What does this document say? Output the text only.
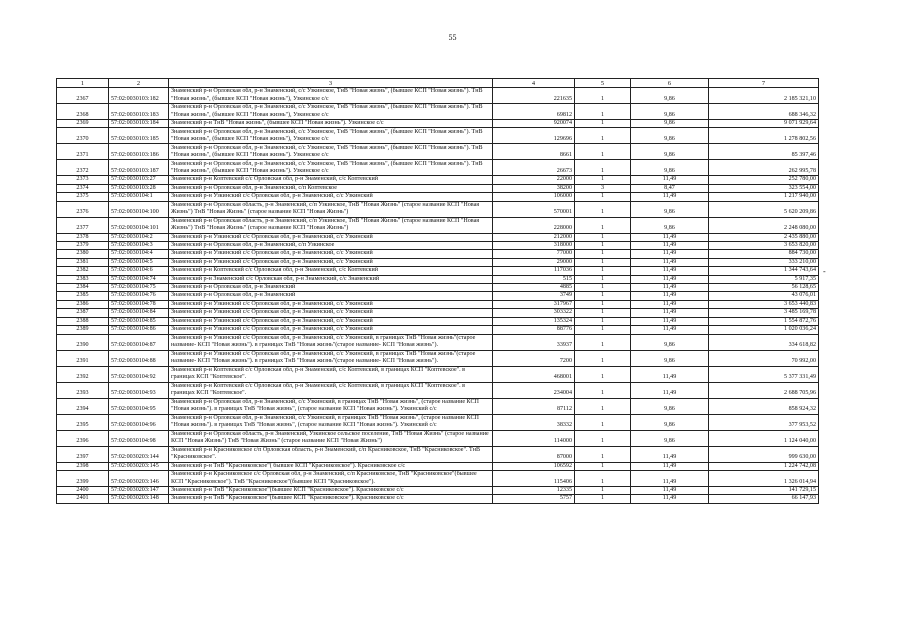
55
-
1	2	3	4	5	6	7
2367	57:02:0030103:182	Знаменский р-н Орловская обл, р-н Знаменский, с/с Узкинское, ТнВ "Новая жизнь", (бывшее КСП "Новая жизнь"). ТнВ "Новая жизнь", (бывшее КСП "Новая жизнь"), Узкинское с/с	221635	1	9,86	2 185 321,10
2368	57:02:0030103:183	Знаменский р-н Орловская обл, р-н Знаменский, с/с Узкинское, ТнВ "Новая жизнь", (бывшее КСП "Новая жизнь"). ТнВ "Новая жизнь", (бывшее КСП "Новая жизнь"), Узкинское с/с	69812	1	9,86	688 346,32
2369	57:02:0030103:184	Знаменский р-н ТнВ "Новая жизнь", (бывшее КСП "Новая жизнь"). Узкинское с/с	920074	1	9,86	9 071 929,64
2370	57:02:0030103:185	Знаменский р-н Орловская обл, р-н Знаменский, с/с Узкинское, ТнВ "Новая жизнь", (бывшее КСП "Новая жизнь"). ТнВ "Новая жизнь", (бывшее КСП "Новая жизнь"), Узкинское с/с	129696	1	9,86	1 278 802,56
2371	57:02:0030103:186	Знаменский р-н Орловская обл, р-н Знаменский, с/с Узкинское, ТнВ "Новая жизнь", (бывшее КСП "Новая жизнь"). ТнВ "Новая жизнь", (бывшее КСП "Новая жизнь"). Узкинское с/с	8661	1	9,86	85 397,46
2372	57:02:0030103:187	Знаменский р-н Орловская обл, р-н Знаменский, с/с Узкинское, ТнВ "Новая жизнь", (бывшее КСП "Новая жизнь"). ТнВ "Новая жизнь", (бывшее КСП "Новая жизнь"). Узкинское с/с	26673	1	9,86	262 995,78
2373	57:02:0030103:27	Знаменский р-н Коптевский с/с Орловская обл, р-н Знаменский, с/с Коптевский	22000	1	11,49	252 780,00
2374	57:02:0030103:28	Знаменский р-н Орловская обл, р-н Знаменский, с/п Коптевское	38200	3	8,47	323 554,00
2375	57:02:0030104:1	Знаменский р-н Узкинский с/с Орловская обл, р-н Знаменский, с/с Узкинский	106000	1	11,49	1 217 940,00
2376	57:02:0030104:100	Знаменский р-н Орловская область, р-н Знаменский, с/п Узкинское, ТнВ "Новая Жизнь" (старое название КСП "Новая Жизнь") ТнВ "Новая Жизнь" (старое название КСП "Новая Жизнь")	570001	1	9,86	5 620 209,86
2377	57:02:0030104:101	Знаменский р-н Орловская область, р-н Знаменский, с/п Узкинское, ТнВ "Новая Жизнь" (старое название КСП "Новая Жизнь") ТнВ "Новая Жизнь" (старое название КСП "Новая Жизнь")	228000	1	9,86	2 248 080,00
2378	57:02:0030104:2	Знаменский р-н Узкинский с/с Орловская обл, р-н Знаменский, с/с Узкинский	212000	1	11,49	2 435 880,00
2379	57:02:0030104:3	Знаменский р-н Орловская обл, р-н Знаменский, с/п Узкинское	318000	1	11,49	3 653 820,00
2380	57:02:0030104:4	Знаменский р-н Узкинский с/с Орловская обл, р-н Знаменский, с/с Узкинский	77000	1	11,49	884 730,00
2381	57:02:0030104:5	Знаменский р-н Узкинский с/с Орловская обл, р-н Знаменский, с/с Узкинский	29000	1	11,49	333 210,00
2382	57:02:0030104:6	Знаменский р-н Коптевский с/с Орловская обл, р-н Знаменский, с/с Коптевский	117036	1	11,49	1 344 743,64
2383	57:02:0030104:74	Знаменский р-н Знаменский с/с Орловская обл, р-н Знаменский, с/с Знаменский	515	1	11,49	5 917,35
2384	57:02:0030104:75	Знаменский р-н Орловская обл, р-н Знаменский	4885	1	11,49	56 128,65
2385	57:02:0030104:76	Знаменский р-н Орловская обл, р-н Знаменский	3749	1	11,49	43 076,01
2386	57:02:0030104:78	Знаменский р-н Узкинский с/с Орловская обл, р-н Знаменский, с/с Узкинский	317967	1	11,49	3 653 440,83
2387	57:02:0030104:84	Знаменский р-н Узкинский с/с Орловская обл, р-н Знаменский, с/с Узкинский	303322	1	11,49	3 485 169,78
2388	57:02:0030104:85	Знаменский р-н Узкинский с/с Орловская обл, р-н Знаменский, с/с Узкинский	135324	1	11,49	1 554 872,76
2389	57:02:0030104:86	Знаменский р-н Узкинский с/с Орловская обл, р-н Знаменский, с/с Узкинский	88776	1	11,49	1 020 036,24
2390	57:02:0030104:87	Знаменский р-н Узкинский с/с Орловская обл, р-н Знаменский, с/с Узкинский, в границах ТнВ "Новая жизнь"(старое название- КСП "Новая жизнь"). в границах ТнВ "Новая жизнь"(старое название- КСП "Новая жизнь").	33937	1	9,86	334 618,82
2391	57:02:0030104:88	Знаменский р-н Узкинский с/с Орловская обл, р-н Знаменский, с/с Узкинский, в границах ТнВ "Новая жизнь"(старое название- КСП "Новая жизнь"). в границах ТнВ "Новая жизнь"(старое название- КСП "Новая жизнь").	7200	1	9,86	70 992,00
2392	57:02:0030104:92	Знаменский р-н Коптевский с/с Орловская обл, р-н Знаменский, с/с Коптевский, в границах КСП "Коптевское". в границах КСП "Коптевское".	468001	1	11,49	5 377 331,49
2393	57:02:0030104:93	Знаменский р-н Коптевский с/с Орловская обл, р-н Знаменский, с/с Коптевский, в границах КСП "Коптевское". в границах КСП "Коптевское".	234004	1	11,49	2 688 705,96
2394	57:02:0030104:95	Знаменский р-н Орловская обл, р-н Знаменский, с/с Узкинский, в границах ТнВ "Новая жизнь", (старое название КСП "Новая жизнь"). в границах ТнВ "Новая жизнь", (старое название КСП "Новая жизнь"). Узкинский с/с	87112	1	9,86	858 924,32
2395	57:02:0030104:96	Знаменский р-н Орловская обл, р-н Знаменский, с/с Узкинский, в границах ТнВ "Новая жизнь", (старое название КСП "Новая жизнь"). в границах ТнВ "Новая жизнь", (старое название КСП "Новая жизнь"). Узкинский с/с	38332	1	9,86	377 953,52
2396	57:02:0030104:98	Знаменский р-н Орловская область, р-н Знаменский, Узкинское сельское поселение, ТнВ "Новая Жизнь" (старое название КСП "Новая Жизнь") ТнВ "Новая Жизнь" (старое название КСП "Новая Жизнь")	114000	1	9,86	1 124 040,00
2397	57:02:0030203:144	Знаменский р-н Красниковское с/п Орловская область, р-н Знаменский, с/п Красниковское, ТнВ "Красниковское". ТнВ "Красниковское".	87000	1	11,49	999 630,00
2398	57:02:0030203:145	Знаменский р-н ТнВ "Красниковское"( бывшее КСП "Красниковское"). Красниковское с/с	106592	1	11,49	1 224 742,08
2399	57:02:0030203:146	Знаменский р-н Красниковское с/с Орловская обл, р-н Знаменский, с/п Красниковское, ТнВ "Красниковское"(бывшее КСП "Красниковское"). ТнВ "Красниковское"(бывшее КСП "Красниковское").	115406	1	11,49	1 326 014,94
2400	57:02:0030203:147	Знаменский р-н ТнВ "Красниковское"(бывшее КСП "Красниковское"). Красниковское с/с	12335	1	11,49	141 729,15
2401	57:02:0030203:148	Знаменский р-н ТнВ "Красниковское"(бывшее КСП "Красниковское"). Красниковское с/с	5757	1	11,49	66 147,93
